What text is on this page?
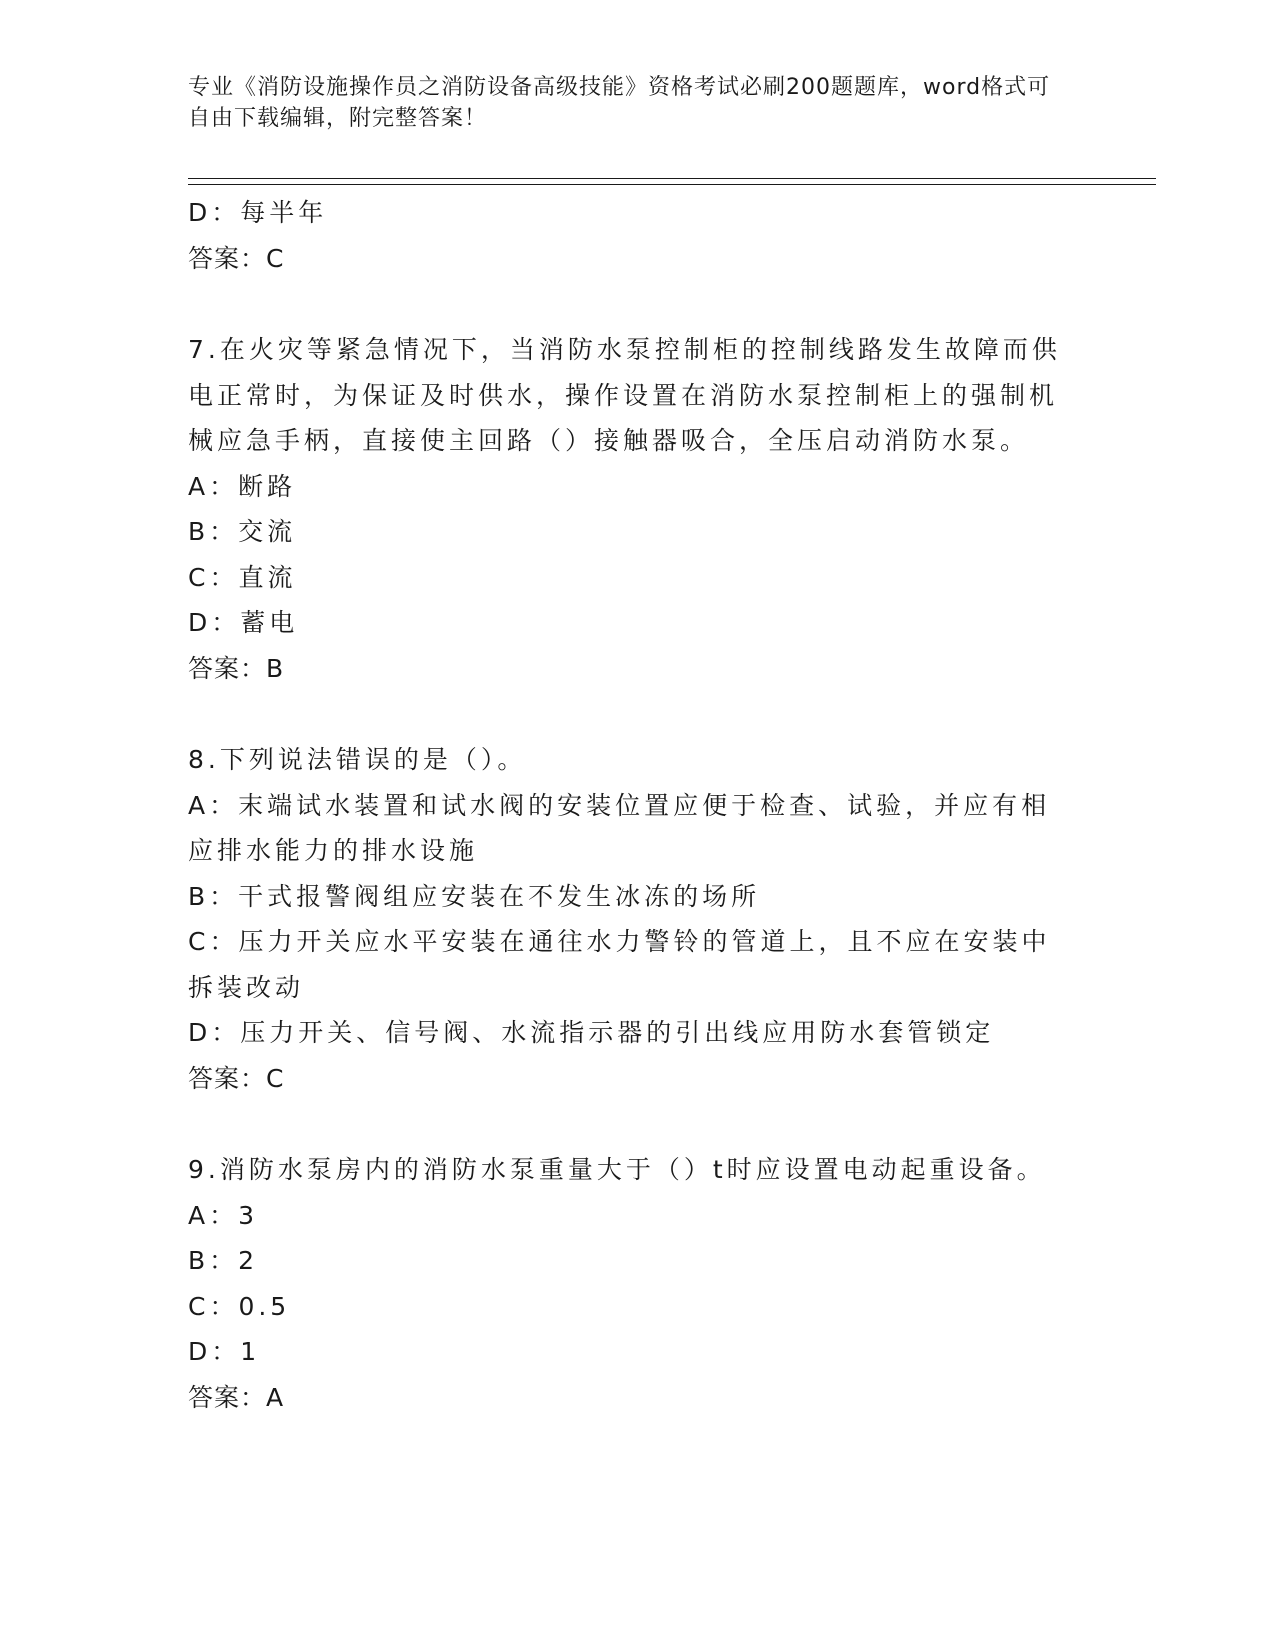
专业《消防设施操作员之消防设备高级技能》资格考试必刷200题题库，word格式可自由下载编辑，附完整答案！
D：每半年
答案：C
7.在火灾等紧急情况下，当消防水泵控制柜的控制线路发生故障而供电正常时，为保证及时供水，操作设置在消防水泵控制柜上的强制机械应急手柄，直接使主回路（）接触器吸合，全压启动消防水泵。
A：断路
B：交流
C：直流
D：蓄电
答案：B
8.下列说法错误的是（）。
A：末端试水装置和试水阀的安装位置应便于检查、试验，并应有相应排水能力的排水设施
B：干式报警阀组应安装在不发生冰冻的场所
C：压力开关应水平安装在通往水力警铃的管道上，且不应在安装中拆装改动
D：压力开关、信号阀、水流指示器的引出线应用防水套管锁定
答案：C
9.消防水泵房内的消防水泵重量大于（）t时应设置电动起重设备。
A：3
B：2
C：0.5
D：1
答案：A
